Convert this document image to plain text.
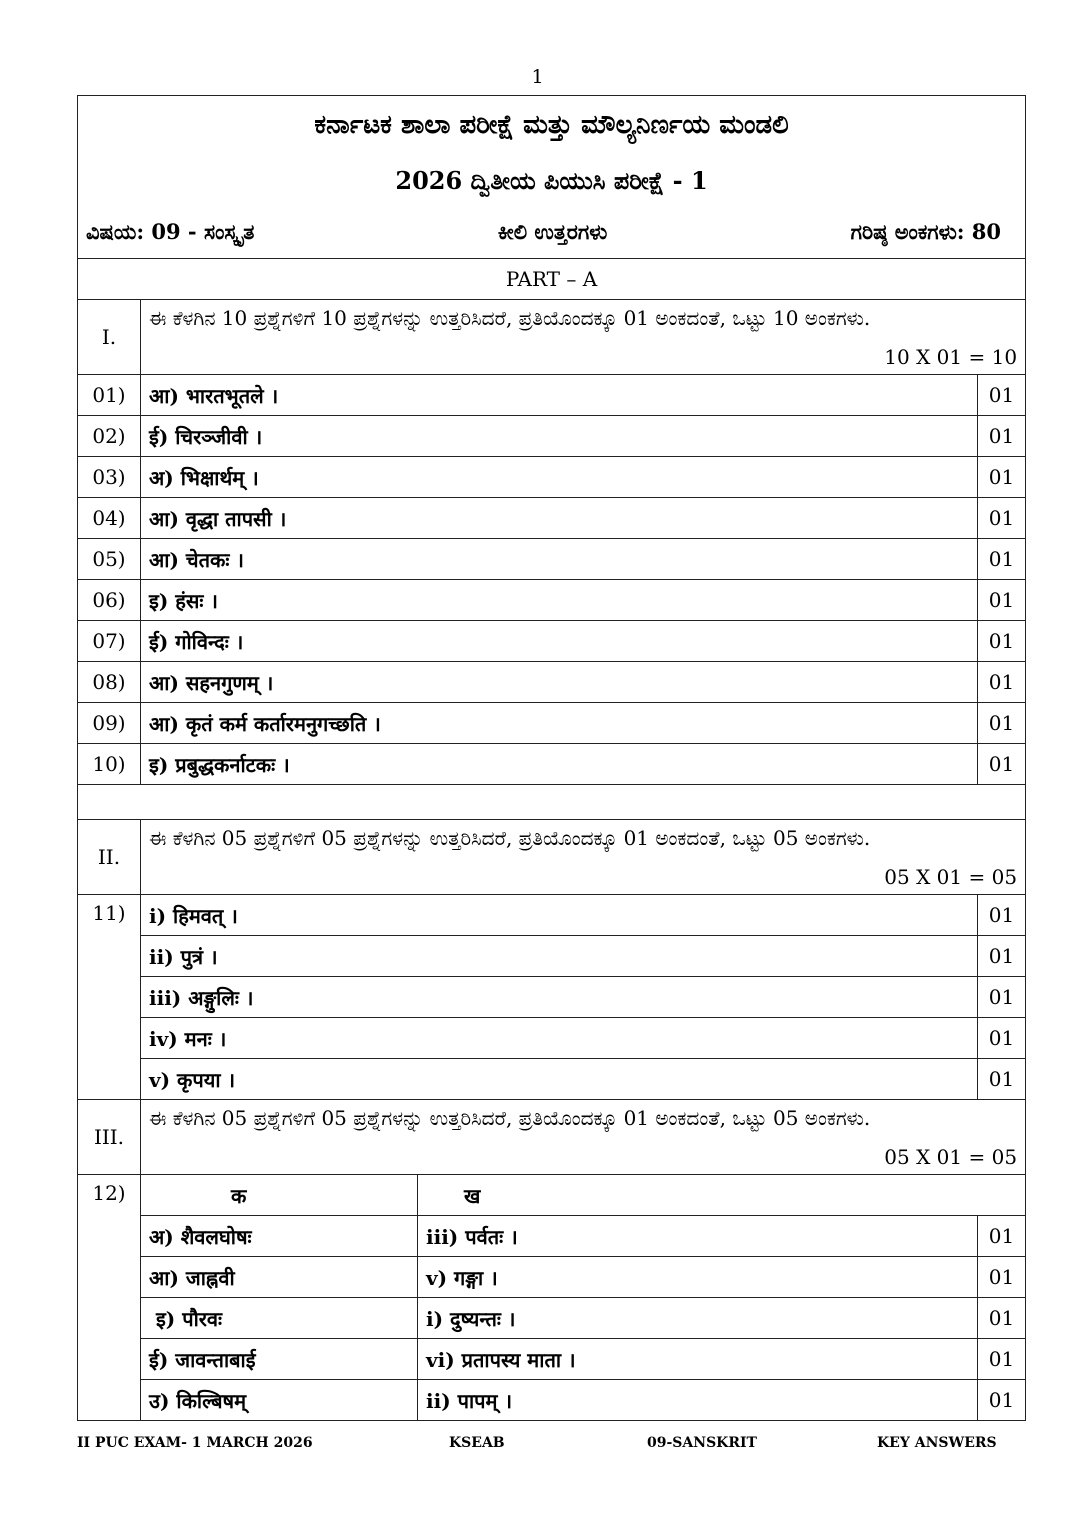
1
ಕರ್ನಾಟಕ ಶಾಲಾ ಪರೀಕ್ಷೆ ಮತ್ತು ಮೌಲ್ಯನಿರ್ಣಯ ಮಂಡಲಿ
2026 ದ್ವಿತೀಯ ಪಿಯುಸಿ ಪರೀಕ್ಷೆ - 1
ವಿಷಯ: 09 - ಸಂಸ್ಕೃತ ಕೀಲಿ ಉತ್ತರಗಳು ಗರಿಷ್ಠ ಅಂಕಗಳು: 80			

PART – A			
I.	ಈ ಕೆಳಗಿನ 10 ಪ್ರಶ್ನೆಗಳಿಗೆ 10 ಪ್ರಶ್ನೆಗಳನ್ನು ಉತ್ತರಿಸಿದರೆ, ಪ್ರತಿಯೊಂದಕ್ಕೂ 01 ಅಂಕದಂತೆ, ಒಟ್ಟು 10 ಅಂಕಗಳು.		
	10 X 01 = 10		
01)	आ) भारतभूतले ।		01
02)	ई) चिरञ्जीवी ।		01
03)	अ) भिक्षार्थम् ।		01
04)	आ) वृद्धा तापसी ।		01
05)	आ) चेतकः ।		01
06)	इ) हंसः ।		01
07)	ई) गोविन्दः ।		01
08)	आ) सहनगुणम् ।		01
09)	आ) कृतं कर्म कर्तारमनुगच्छति ।		01
10)	इ) प्रबुद्धकर्नाटकः ।		01

II.	ಈ ಕೆಳಗಿನ 05 ಪ್ರಶ್ನೆಗಳಿಗೆ 05 ಪ್ರಶ್ನೆಗಳನ್ನು ಉತ್ತರಿಸಿದರೆ, ಪ್ರತಿಯೊಂದಕ್ಕೂ 01 ಅಂಕದಂತೆ, ಒಟ್ಟು 05 ಅಂಕಗಳು.		
	05 X 01 = 05		
11)	i) हिमवत् ।		01
	ii) पुत्रं ।		01
	iii) अङ्गुलिः ।		01
	iv) मनः ।		01
	v) कृपया ।		01
III.	ಈ ಕೆಳಗಿನ 05 ಪ್ರಶ್ನೆಗಳಿಗೆ 05 ಪ್ರಶ್ನೆಗಳನ್ನು ಉತ್ತರಿಸಿದರೆ, ಪ್ರತಿಯೊಂದಕ್ಕೂ 01 ಅಂಕದಂತೆ, ಒಟ್ಟು 05 ಅಂಕಗಳು.		
	05 X 01 = 05		
12)	क	ख	
	अ) शैवलघोषः	iii) पर्वतः ।	01
	आ) जाह्नवी	v) गङ्गा ।	01
	इ) पौरवः	i) दुष्यन्तः ।	01
	ई) जावन्ताबाई	vi) प्रतापस्य माता ।	01
	उ) किल्बिषम्	ii) पापम् ।	01
II PUC EXAM- 1 MARCH 2026	KSEAB	09-SANSKRIT	KEY ANSWERS
